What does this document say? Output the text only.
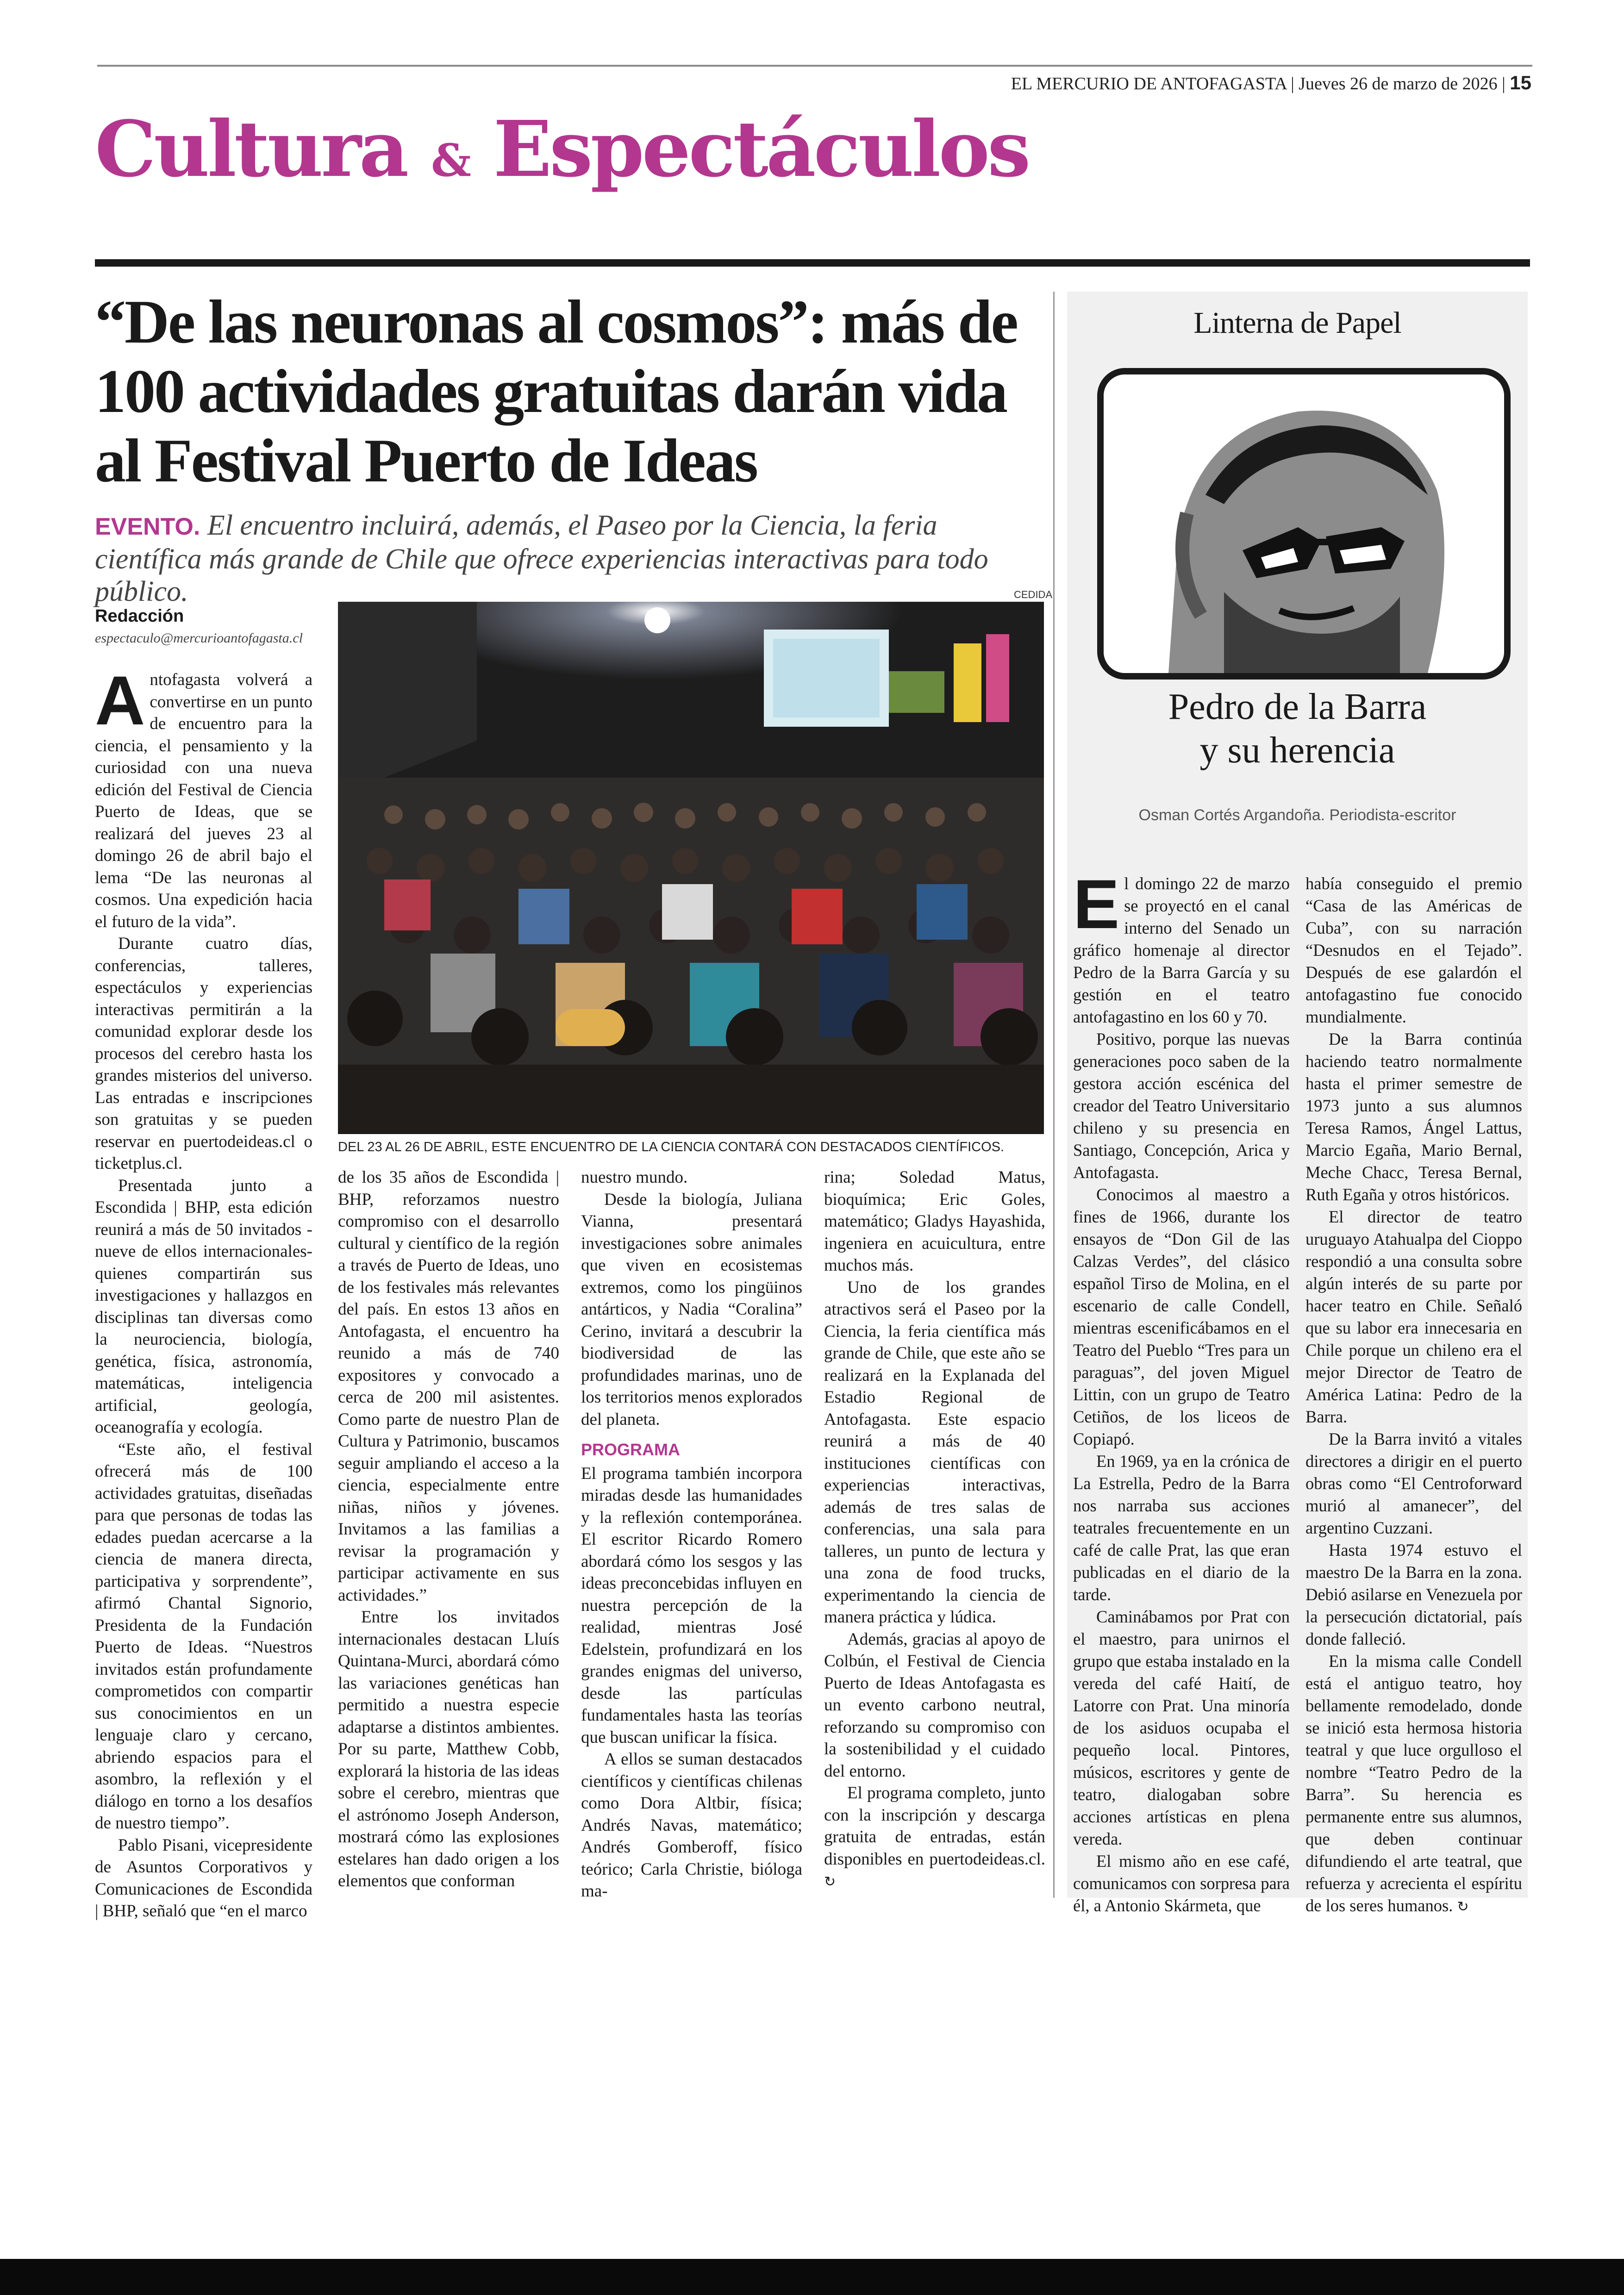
EL MERCURIO DE ANTOFAGASTA | Jueves 26 de marzo de 2026 | 15
Cultura & Espectáculos
“De las neuronas al cosmos”: más de 100 actividades gratuitas darán vida al Festival Puerto de Ideas
EVENTO. El encuentro incluirá, además, el Paseo por la Ciencia, la feria científica más grande de Chile que ofrece experiencias interactivas para todo público.
Redacción
espectaculo@mercurioantofagasta.cl

Antofagasta volverá a convertirse en un punto de encuentro para la ciencia, el pensamiento y la curiosidad con una nueva edición del Festival de Ciencia Puerto de Ideas, que se realizará del jueves 23 al domingo 26 de abril bajo el lema “De las neuronas al cosmos. Una expedición hacia el futuro de la vida”.

Durante cuatro días, conferencias, talleres, espectáculos y experiencias interactivas permitirán a la comunidad explorar desde los procesos del cerebro hasta los grandes misterios del universo. Las entradas e inscripciones son gratuitas y se pueden reservar en puertodeideas.cl o ticketplus.cl.

Presentada junto a Escondida | BHP, esta edición reunirá a más de 50 invitados -nueve de ellos internacionales- quienes compartirán sus investigaciones y hallazgos en disciplinas tan diversas como la neurociencia, biología, genética, física, astronomía, matemáticas, inteligencia artificial, geología, oceanografía y ecología.

“Este año, el festival ofrecerá más de 100 actividades gratuitas, diseñadas para que personas de todas las edades puedan acercarse a la ciencia de manera directa, participativa y sorprendente”, afirmó Chantal Signorio, Presidenta de la Fundación Puerto de Ideas. “Nuestros invitados están profundamente comprometidos con compartir sus conocimientos en un lenguaje claro y cercano, abriendo espacios para el asombro, la reflexión y el diálogo en torno a los desafíos de nuestro tiempo”.

Pablo Pisani, vicepresidente de Asuntos Corporativos y Comunicaciones de Escondida | BHP, señaló que “en el marco

CEDIDA
DEL 23 AL 26 DE ABRIL, ESTE ENCUENTRO DE LA CIENCIA CONTARÁ CON DESTACADOS CIENTÍFICOS.

de los 35 años de Escondida | BHP, reforzamos nuestro compromiso con el desarrollo cultural y científico de la región a través de Puerto de Ideas, uno de los festivales más relevantes del país. En estos 13 años en Antofagasta, el encuentro ha reunido a más de 740 expositores y convocado a cerca de 200 mil asistentes. Como parte de nuestro Plan de Cultura y Patrimonio, buscamos seguir ampliando el acceso a la ciencia, especialmente entre niñas, niños y jóvenes. Invitamos a las familias a revisar la programación y participar activamente en sus actividades.”

Entre los invitados internacionales destacan Lluís Quintana-Murci, abordará cómo las variaciones genéticas han permitido a nuestra especie adaptarse a distintos ambientes. Por su parte, Matthew Cobb, explorará la historia de las ideas sobre el cerebro, mientras que el astrónomo Joseph Anderson, mostrará cómo las explosiones estelares han dado origen a los elementos que conforman

nuestro mundo.

Desde la biología, Juliana Vianna, presentará investigaciones sobre animales que viven en ecosistemas extremos, como los pingüinos antárticos, y Nadia “Coralina” Cerino, invitará a descubrir la biodiversidad de las profundidades marinas, uno de los territorios menos explorados del planeta.

PROGRAMA

El programa también incorpora miradas desde las humanidades y la reflexión contemporánea. El escritor Ricardo Romero abordará cómo los sesgos y las ideas preconcebidas influyen en nuestra percepción de la realidad, mientras José Edelstein, profundizará en los grandes enigmas del universo, desde las partículas fundamentales hasta las teorías que buscan unificar la física.

A ellos se suman destacados científicos y científicas chilenas como Dora Altbir, física; Andrés Navas, matemático; Andrés Gomberoff, físico teórico; Carla Christie, bióloga ma-

rina; Soledad Matus, bioquímica; Eric Goles, matemático; Gladys Hayashida, ingeniera en acuicultura, entre muchos más.

Uno de los grandes atractivos será el Paseo por la Ciencia, la feria científica más grande de Chile, que este año se realizará en la Explanada del Estadio Regional de Antofagasta. Este espacio reunirá a más de 40 instituciones científicas con experiencias interactivas, además de tres salas de conferencias, una sala para talleres, un punto de lectura y una zona de food trucks, experimentando la ciencia de manera práctica y lúdica.

Además, gracias al apoyo de Colbún, el Festival de Ciencia Puerto de Ideas Antofagasta es un evento carbono neutral, reforzando su compromiso con la sostenibilidad y el cuidado del entorno.

El programa completo, junto con la inscripción y descarga gratuita de entradas, están disponibles en puertodeideas.cl. ↻

Linterna de Papel
Pedro de la Barra
y su herencia
Osman Cortés Argandoña. Periodista-escritor

El domingo 22 de marzo se proyectó en el canal interno del Senado un gráfico homenaje al director Pedro de la Barra García y su gestión en el teatro antofagastino en los 60 y 70.

Positivo, porque las nuevas generaciones poco saben de la gestora acción escénica del creador del Teatro Universitario chileno y su presencia en Santiago, Concepción, Arica y Antofagasta.

Conocimos al maestro a fines de 1966, durante los ensayos de “Don Gil de las Calzas Verdes”, del clásico español Tirso de Molina, en el escenario de calle Condell, mientras escenificábamos en el Teatro del Pueblo “Tres para un paraguas”, del joven Miguel Littin, con un grupo de Teatro Cetiños, de los liceos de Copiapó.

En 1969, ya en la crónica de La Estrella, Pedro de la Barra nos narraba sus acciones teatrales frecuentemente en un café de calle Prat, las que eran publicadas en el diario de la tarde.

Caminábamos por Prat con el maestro, para unirnos el grupo que estaba instalado en la vereda del café Haití, de Latorre con Prat. Una minoría de los asiduos ocupaba el pequeño local. Pintores, músicos, escritores y gente de teatro, dialogaban sobre acciones artísticas en plena vereda.

El mismo año en ese café, comunicamos con sorpresa para él, a Antonio Skármeta, que

había conseguido el premio “Casa de las Américas de Cuba”, con su narración “Desnudos en el Tejado”. Después de ese galardón el antofagastino fue conocido mundialmente.

De la Barra continúa haciendo teatro normalmente hasta el primer semestre de 1973 junto a sus alumnos Teresa Ramos, Ángel Lattus, Marcio Egaña, Mario Bernal, Meche Chacc, Teresa Bernal, Ruth Egaña y otros históricos.

El director de teatro uruguayo Atahualpa del Cioppo respondió a una consulta sobre algún interés de su parte por hacer teatro en Chile. Señaló que su labor era innecesaria en Chile porque un chileno era el mejor Director de Teatro de América Latina: Pedro de la Barra.

De la Barra invitó a vitales directores a dirigir en el puerto obras como “El Centroforward murió al amanecer”, del argentino Cuzzani.

Hasta 1974 estuvo el maestro De la Barra en la zona. Debió asilarse en Venezuela por la persecución dictatorial, país donde falleció.

En la misma calle Condell está el antiguo teatro, hoy bellamente remodelado, donde se inició esta hermosa historia teatral y que luce orgulloso el nombre “Teatro Pedro de la Barra”. Su herencia es permanente entre sus alumnos, que deben continuar difundiendo el arte teatral, que refuerza y acrecienta el espíritu de los seres humanos. ↻
